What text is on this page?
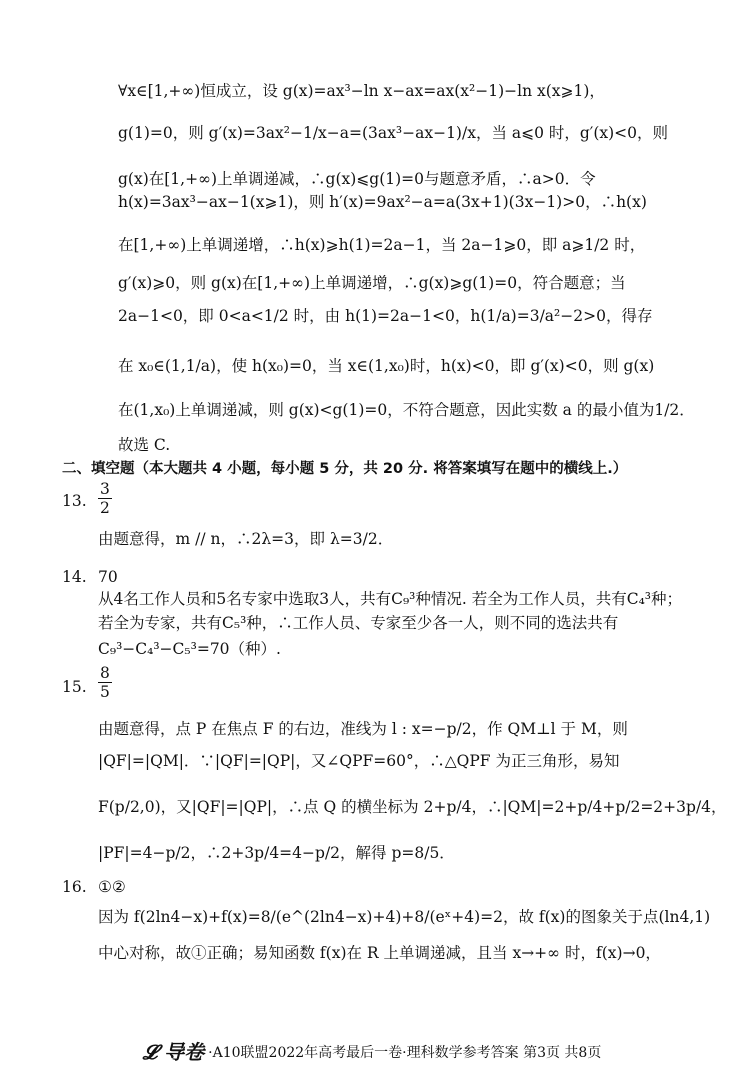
∀x∈[1,+∞)恒成立，设 g(x)=ax³−ln x−ax=ax(x²−1)−ln x(x⩾1)，
g(1)=0，则 g′(x)=3ax²−1/x−a=(3ax³−ax−1)/x，当 a⩽0 时，g′(x)<0，则
g(x)在[1,+∞)上单调递减，∴g(x)⩽g(1)=0与题意矛盾，∴a>0．令
h(x)=3ax³−ax−1(x⩾1)，则 h′(x)=9ax²−a=a(3x+1)(3x−1)>0，∴h(x)
在[1,+∞)上单调递增，∴h(x)⩾h(1)=2a−1，当 2a−1⩾0，即 a⩾1/2 时，
g′(x)⩾0，则 g(x)在[1,+∞)上单调递增，∴g(x)⩾g(1)=0，符合题意；当
2a−1<0，即 0<a<1/2 时，由 h(1)=2a−1<0，h(1/a)=3/a²−2>0，得存
在 x₀∈(1,1/a)，使 h(x₀)=0，当 x∈(1,x₀)时，h(x)<0，即 g′(x)<0，则 g(x)
在(1,x₀)上单调递减，则 g(x)<g(1)=0，不符合题意，因此实数 a 的最小值为1/2．
故选 C.
二、填空题（本大题共 4 小题，每小题 5 分，共 20 分. 将答案填写在题中的横线上.）
13. $\frac{3}{2}$
由题意得，m // n，∴2λ=3，即 λ=3/2．
14. 70
从4名工作人员和5名专家中选取3人，共有C₉³种情况. 若全为工作人员，共有C₄³种；
若全为专家，共有C₅³种，∴工作人员、专家至少各一人，则不同的选法共有
C₉³−C₄³−C₅³=70（种）.
15. $\frac{8}{5}$
由题意得，点 P 在焦点 F 的右边，准线为 l : x=−p/2，作 QM⊥l 于 M，则
|QF|=|QM|．∵|QF|=|QP|，又∠QPF=60°，∴△QPF 为正三角形，易知
F(p/2,0)，又|QF|=|QP|，∴点 Q 的横坐标为 2+p/4，∴|QM|=2+p/4+p/2=2+3p/4，
|PF|=4−p/2，∴2+3p/4=4−p/2，解得 p=8/5．
16. ①②
因为 f(2ln4−x)+f(x)=8/(e^(2ln4−x)+4)+8/(eˣ+4)=2，故 f(x)的图象关于点(ln4,1)
中心对称，故①正确；易知函数 f(x)在 R 上单调递减，且当 x→+∞ 时，f(x)→0，
𝓛 导卷 ·A10联盟2022年高考最后一卷·理科数学参考答案 第3页 共8页
